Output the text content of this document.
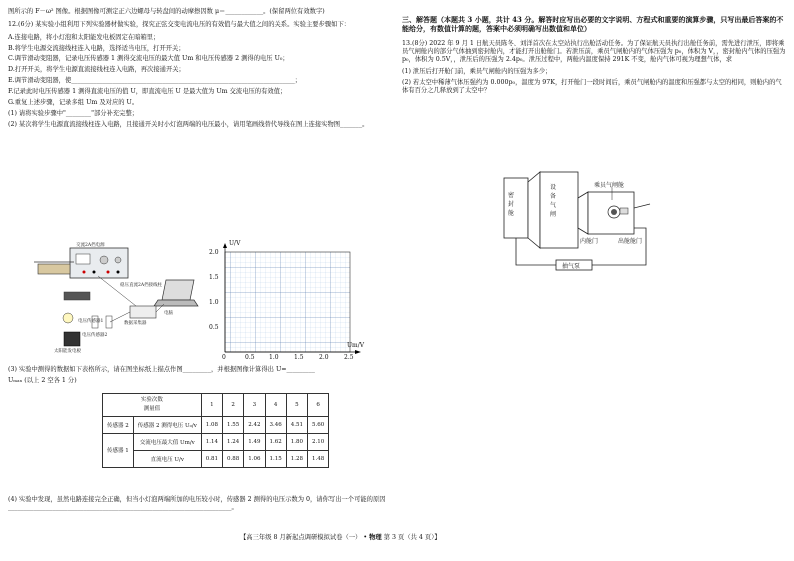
图所示的 F－ω² 图像。根据图像可测定正六边螺母与转盘间的动摩擦因数 μ＝____________。(保留两位有效数字)

12.(6分) 某实验小组利用下列实验器材做实验，探究正弦交变电流电压的有效值与最大值之间的关系。实验主要步骤如下：

A.连接电路，将小灯泡和太阳能发电板固定在暗箱里；

B.将学生电源交流接线柱连入电路，选择适当电压，打开开关；

C.调节滑动变阻器，记录电压传感器 1 测得交流电压的最大值 Um 和电压传感器 2 测得的电压 U₀；

D.打开开关，将学生电源直流接线柱连入电路，再次接通开关；

E.调节滑动变阻器，使_______________________________________________________________________；

F.记录此时电压传感器 1 测得直流电压的值 U，即直流电压 U 是最大值为 Um 交流电压的有效值；

G.重复上述步骤，记录多组 Um 及对应的 U。

(1) 请将实验步骤中"________"部分补充完整；

(2) 某次将学生电源直流接线柱连入电路，且接通开关时小灯泡两端的电压最小，请用笔画线替代导线在图上连接实物图_______。

交流2A挡电源
稳压直流2A挡接线柱
电脑
数据采集器
电压传感器1
电压传感器2
太阳能发电板
U/V
Um/V
2.0
1.5
1.0
0.5
0	0.5 1.0	1.5	2.0	2.5

(3) 实验中测得的数据如下表格所示，请在图坐标纸上描点作图_________，并根据图像计算得出 U=_________

Uₘₐₓ (以上 2 空各 1 分)

实验次数
测量值		1	2	3	4	5	6
传感器 2	传感器 2 测得电压 U₀/v	1.08	1.55	2.42	3.46	4.51	5.60
传感器 1	交流电压最大值 Um/v	1.14	1.24	1.49	1.62	1.80	2.10
	直流电压 U/v	0.81	0.88	1.06	1.15	1.28	1.48

(4) 实验中发现，虽然电路连接完全正确，但当小灯泡两端所加的电压较小时，传感器 2 测得的电压示数为 0，请你写出一个可能的原因_______________________________________________________________________。

三、解答题（本题共 3 小题，共计 43 分。解答时应写出必要的文字说明、方程式和重要的演算步骤，只写出最后答案的不能给分，有数值计算的题，答案中必须明确写出数值和单位）

13.(8分) 2022 年 9 月 1 日航天员陈冬、刘洋首次在太空站执行出舱活动任务。为了保证航天员执行出舱任务前，需先进行泄压，即将乘员气闸舱内的部分气体抽到密封舱内，才能打开出舱舱门。若泄压前，乘员气闸舱内的气体压强为 p₀，体积为 V，，密封舱内气体的压强为 p₀，体积为 0.5V，，泄压后的压强为 2.4p₀。泄压过程中，两舱内温度保持 291K 不变，舱内气体可视为理想气体，求

(1) 泄压后打开舱门前，乘员气闸舱内的压强为多少；

(2) 若太空中稀薄气体压强约为 0.000p₀，温度为 97K，打开舱门一段时间后，乘员气闸舱内的温度和压强都与太空的相同，则舱内的气体有百分之几释放到了太空中？

密封舱
设备气闸
乘员气闸舱
内舱门	出舱舱门
抽气泵
【高三年级 8 月新起点调研模拟试卷（一） • 物理 第 3 页（共 4 页）】
